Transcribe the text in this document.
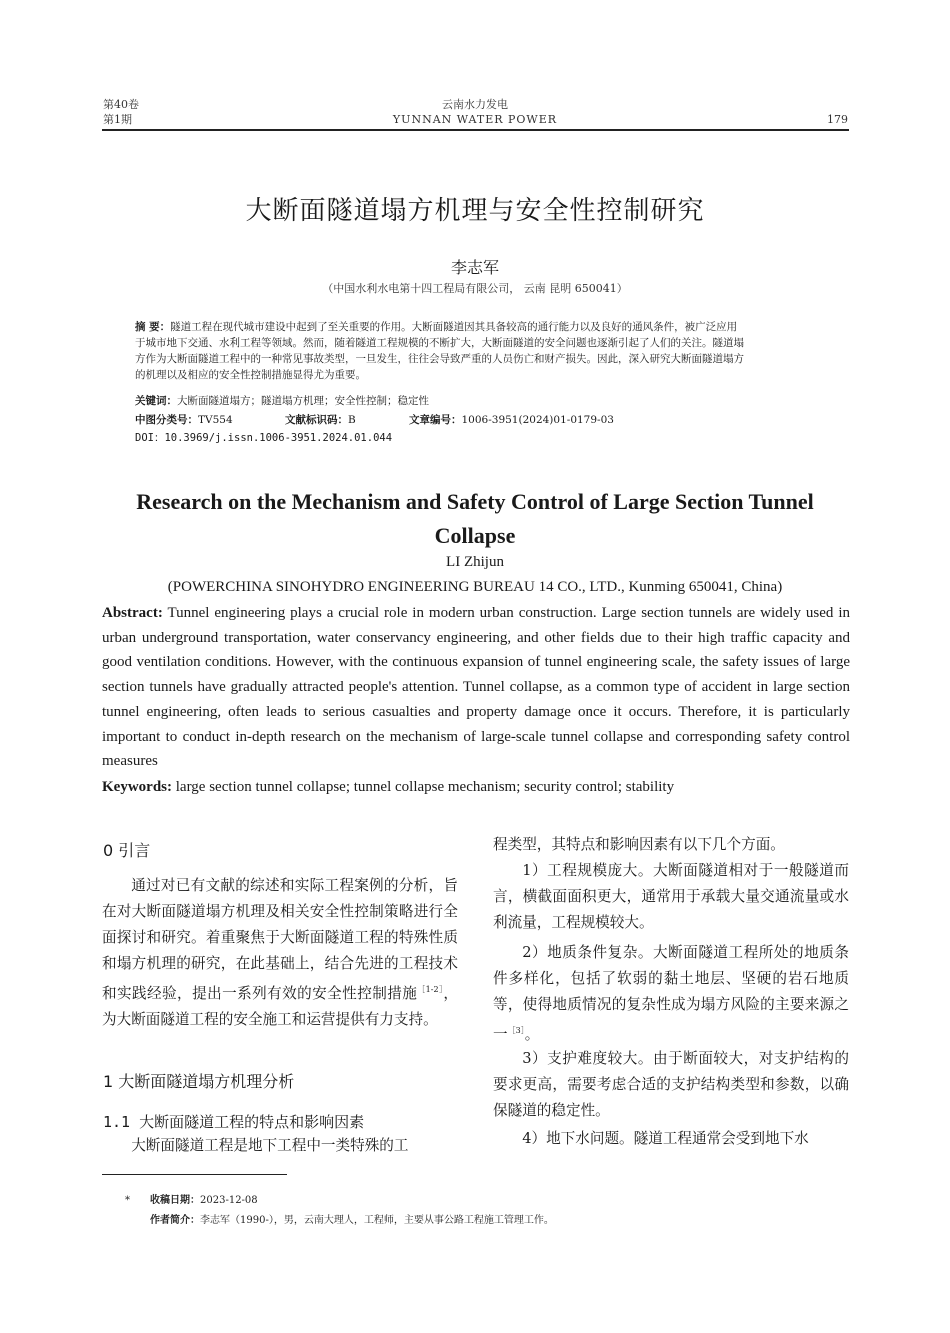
第40卷
第1期
云南水力发电
YUNNAN WATER POWER	179
大断面隧道塌方机理与安全性控制研究
李志军
（中国水利水电第十四工程局有限公司， 云南 昆明 650041）
摘 要：隧道工程在现代城市建设中起到了至关重要的作用。大断面隧道因其具备较高的通行能力以及良好的通风条件，被广泛应用
于城市地下交通、水利工程等领域。然而，随着隧道工程规模的不断扩大，大断面隧道的安全问题也逐渐引起了人们的关注。隧道塌
方作为大断面隧道工程中的一种常见事故类型，一旦发生，往往会导致严重的人员伤亡和财产损失。因此，深入研究大断面隧道塌方
的机理以及相应的安全性控制措施显得尤为重要。
关键词：大断面隧道塌方；隧道塌方机理；安全性控制；稳定性
中图分类号：TV554	文献标识码：B	文章编号：1006-3951(2024)01-0179-03
DOI：10.3969/j.issn.1006-3951.2024.01.044
Research on the Mechanism and Safety Control of Large Section Tunnel Collapse
LI Zhijun
(POWERCHINA SINOHYDRO ENGINEERING BUREAU 14 CO., LTD., Kunming 650041, China)
Abstract: Tunnel engineering plays a crucial role in modern urban construction. Large section tunnels are widely used in urban underground transportation, water conservancy engineering, and other fields due to their high traffic capacity and good ventilation conditions. However, with the continuous expansion of tunnel engineering scale, the safety issues of large section tunnels have gradually attracted people's attention. Tunnel collapse, as a common type of accident in large section tunnel engineering, often leads to serious casualties and property damage once it occurs. Therefore, it is particularly important to conduct in-depth research on the mechanism of large-scale tunnel collapse and corresponding safety control measures
Keywords: large section tunnel collapse; tunnel collapse mechanism; security control; stability
0 引言
通过对已有文献的综述和实际工程案例的分析，旨在对大断面隧道塌方机理及相关安全性控制策略进行全面探讨和研究。着重聚焦于大断面隧道工程的特殊性质和塌方机理的研究，在此基础上，结合先进的工程技术和实践经验，提出一系列有效的安全性控制措施$^{[1-2]}$，为大断面隧道工程的安全施工和运营提供有力支持。
1 大断面隧道塌方机理分析
1.1 大断面隧道工程的特点和影响因素
大断面隧道工程是地下工程中一类特殊的工
程类型，其特点和影响因素有以下几个方面。
1）工程规模庞大。大断面隧道相对于一般隧道而言，横截面面积更大，通常用于承载大量交通流量或水利流量，工程规模较大。
2）地质条件复杂。大断面隧道工程所处的地质条件多样化，包括了软弱的黏土地层、坚硬的岩石地质等，使得地质情况的复杂性成为塌方风险的主要来源之一$^{[3]}$。
3）支护难度较大。由于断面较大，对支护结构的要求更高，需要考虑合适的支护结构类型和参数，以确保隧道的稳定性。
4）地下水问题。隧道工程通常会受到地下水
* 收稿日期：2023-12-08
作者简介：李志军（1990-），男，云南大理人，工程师，主要从事公路工程施工管理工作。
